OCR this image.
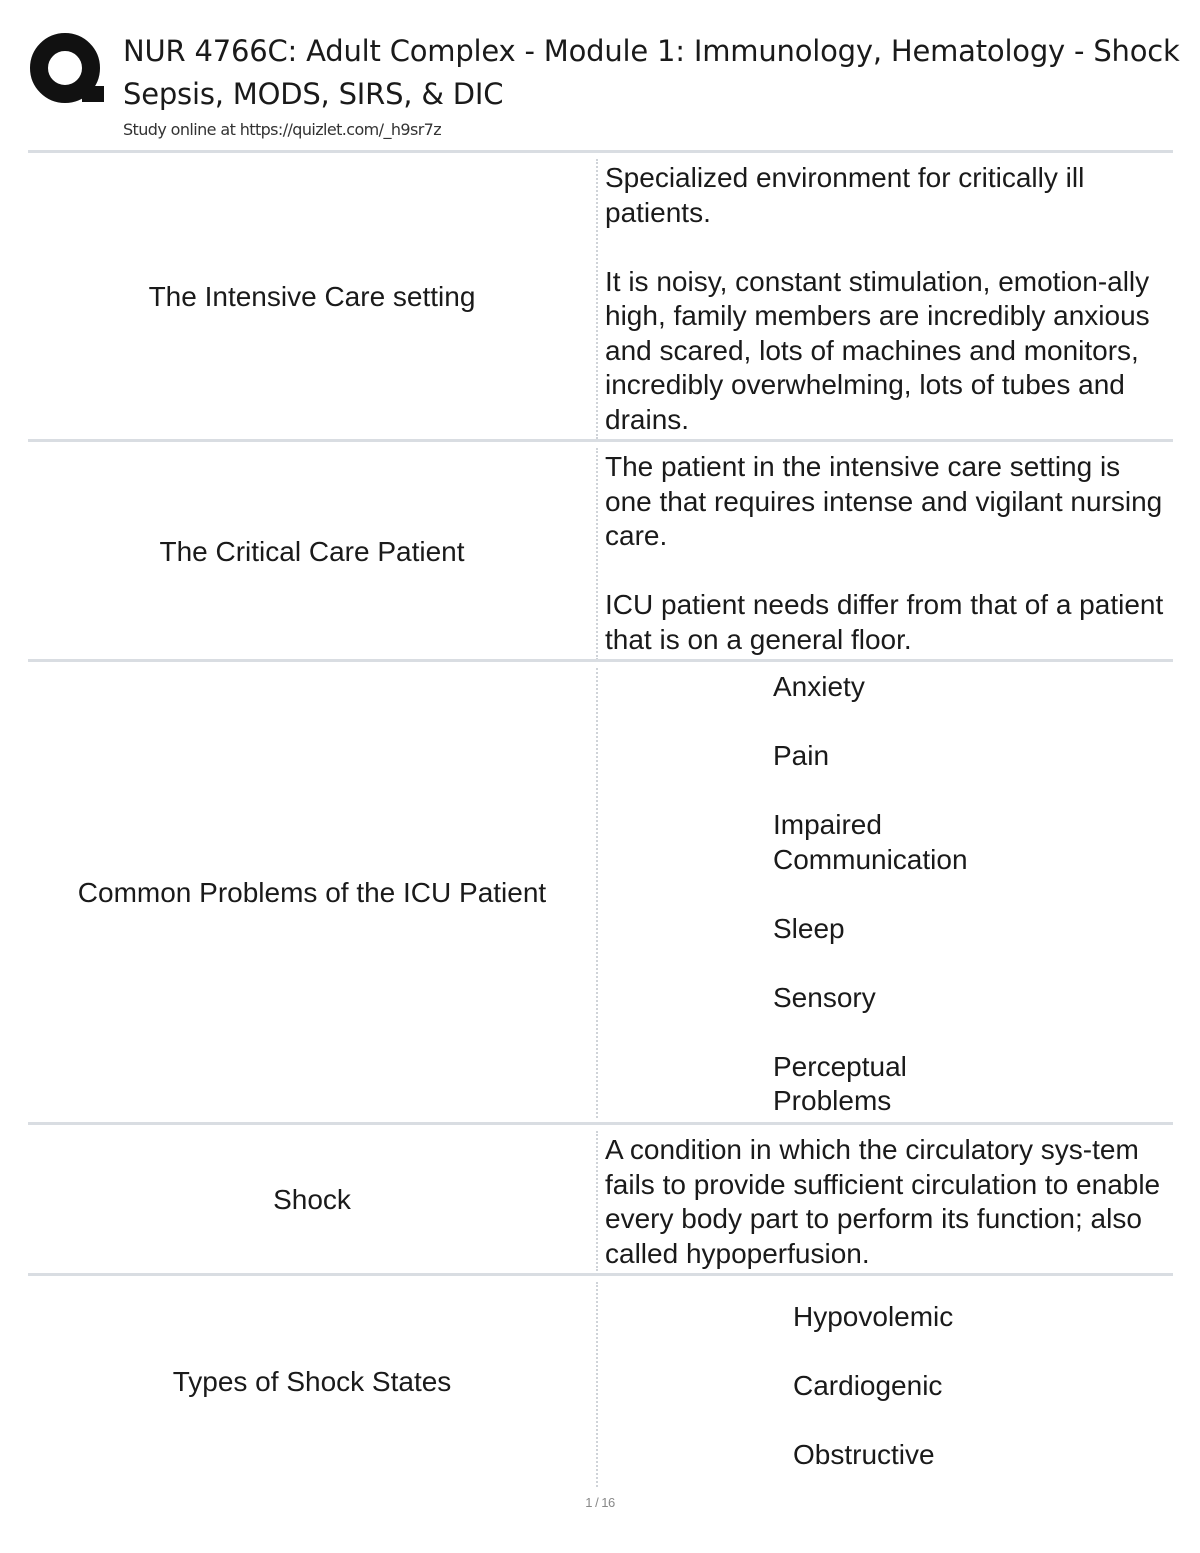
NUR 4766C: Adult Complex - Module 1: Immunology, Hematology - Shock
Sepsis, MODS, SIRS, & DIC
Study online at https://quizlet.com/_h9sr7z
The Intensive Care setting

Specialized environment for critically ill patients.

It is noisy, constant stimulation, emotion-ally high, family members are incredibly anxious and scared, lots of machines and monitors, incredibly overwhelming, lots of tubes and drains.

The Critical Care Patient

The patient in the intensive care setting is one that requires intense and vigilant nursing care.

ICU patient needs differ from that of a patient that is on a general floor.

Common Problems of the ICU Patient

Anxiety

Pain

Impaired Communication

Sleep

Sensory

Perceptual Problems

Shock

A condition in which the circulatory sys-tem fails to provide sufficient circulation to enable every body part to perform its function; also called hypoperfusion.

Types of Shock States

Hypovolemic

Cardiogenic

Obstructive

1 / 16
